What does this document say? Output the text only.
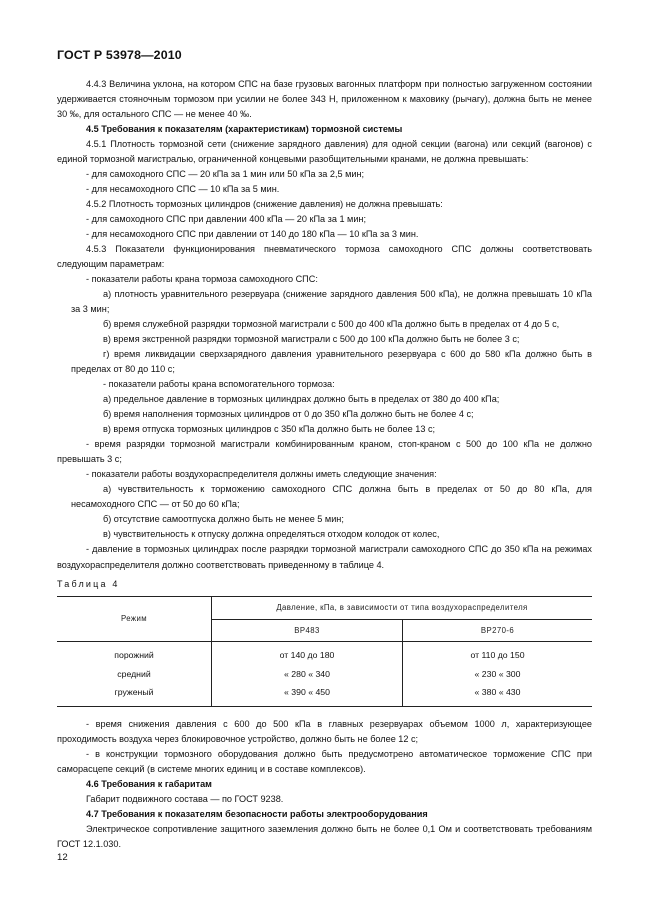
ГОСТ Р 53978—2010

4.4.3 Величина уклона, на котором СПС на базе грузовых вагонных платформ при полностью загруженном состоянии удерживается стояночным тормозом при усилии не более 343 Н, приложенном к маховику (рычагу), должна быть не менее 30 ‰, для остального СПС — не менее 40 ‰.

4.5 Требования к показателям (характеристикам) тормозной системы

4.5.1 Плотность тормозной сети (снижение зарядного давления) для одной секции (вагона) или секций (вагонов) с единой тормозной магистралью, ограниченной концевыми разобщительными кранами, не должна превышать:

- для самоходного СПС — 20 кПа за 1 мин или 50 кПа за 2,5 мин;

- для несамоходного СПС — 10 кПа за 5 мин.

4.5.2 Плотность тормозных цилиндров (снижение давления) не должна превышать:

- для самоходного СПС при давлении 400 кПа — 20 кПа за 1 мин;

- для несамоходного СПС при давлении от 140 до 180 кПа — 10 кПа за 3 мин.

4.5.3 Показатели функционирования пневматического тормоза самоходного СПС должны соответствовать следующим параметрам:

- показатели работы крана тормоза самоходного СПС:

а) плотность уравнительного резервуара (снижение зарядного давления 500 кПа), не должна превышать 10 кПа за 3 мин;

б) время служебной разрядки тормозной магистрали с 500 до 400 кПа должно быть в пределах от 4 до 5 с,

в) время экстренной разрядки тормозной магистрали с 500 до 100 кПа должно быть не более 3 с;

г) время ликвидации сверхзарядного давления уравнительного резервуара с 600 до 580 кПа должно быть в пределах от 80 до 110 с;

- показатели работы крана вспомогательного тормоза:

а) предельное давление в тормозных цилиндрах должно быть в пределах от 380 до 400 кПа;

б) время наполнения тормозных цилиндров от 0 до 350 кПа должно быть не более 4 с;

в) время отпуска тормозных цилиндров с 350 кПа должно быть не более 13 с;

- время разрядки тормозной магистрали комбинированным краном, стоп-краном с 500 до 100 кПа не должно превышать 3 с;

- показатели работы воздухораспределителя должны иметь следующие значения:

а) чувствительность к торможению самоходного СПС должна быть в пределах от 50 до 80 кПа, для несамоходного СПС — от 50 до 60 кПа;

б) отсутствие самоотпуска должно быть не менее 5 мин;

в) чувствительность к отпуску должна определяться отходом колодок от колес,

- давление в тормозных цилиндрах после разрядки тормозной магистрали самоходного СПС до 350 кПа на режимах воздухораспределителя должно соответствовать приведенному в таблице 4.

Таблица 4

Режим	Давление, кПа, в зависимости от типа воздухораспределителя	
	ВР483	ВР270-6
порожний	от 140 до 180	от 110 до 150
средний	« 280 « 340	« 230 « 300
груженый	« 390 « 450	« 380 « 430

- время снижения давления с 600 до 500 кПа в главных резервуарах объемом 1000 л, характеризующее проходимость воздуха через блокировочное устройство, должно быть не более 12 с;

- в конструкции тормозного оборудования должно быть предусмотрено автоматическое торможение СПС при саморасцепе секций (в системе многих единиц и в составе комплексов).

4.6 Требования к габаритам

Габарит подвижного состава — по ГОСТ 9238.

4.7 Требования к показателям безопасности работы электрооборудования

Электрическое сопротивление защитного заземления должно быть не более 0,1 Ом и соответствовать требованиям ГОСТ 12.1.030.

12
